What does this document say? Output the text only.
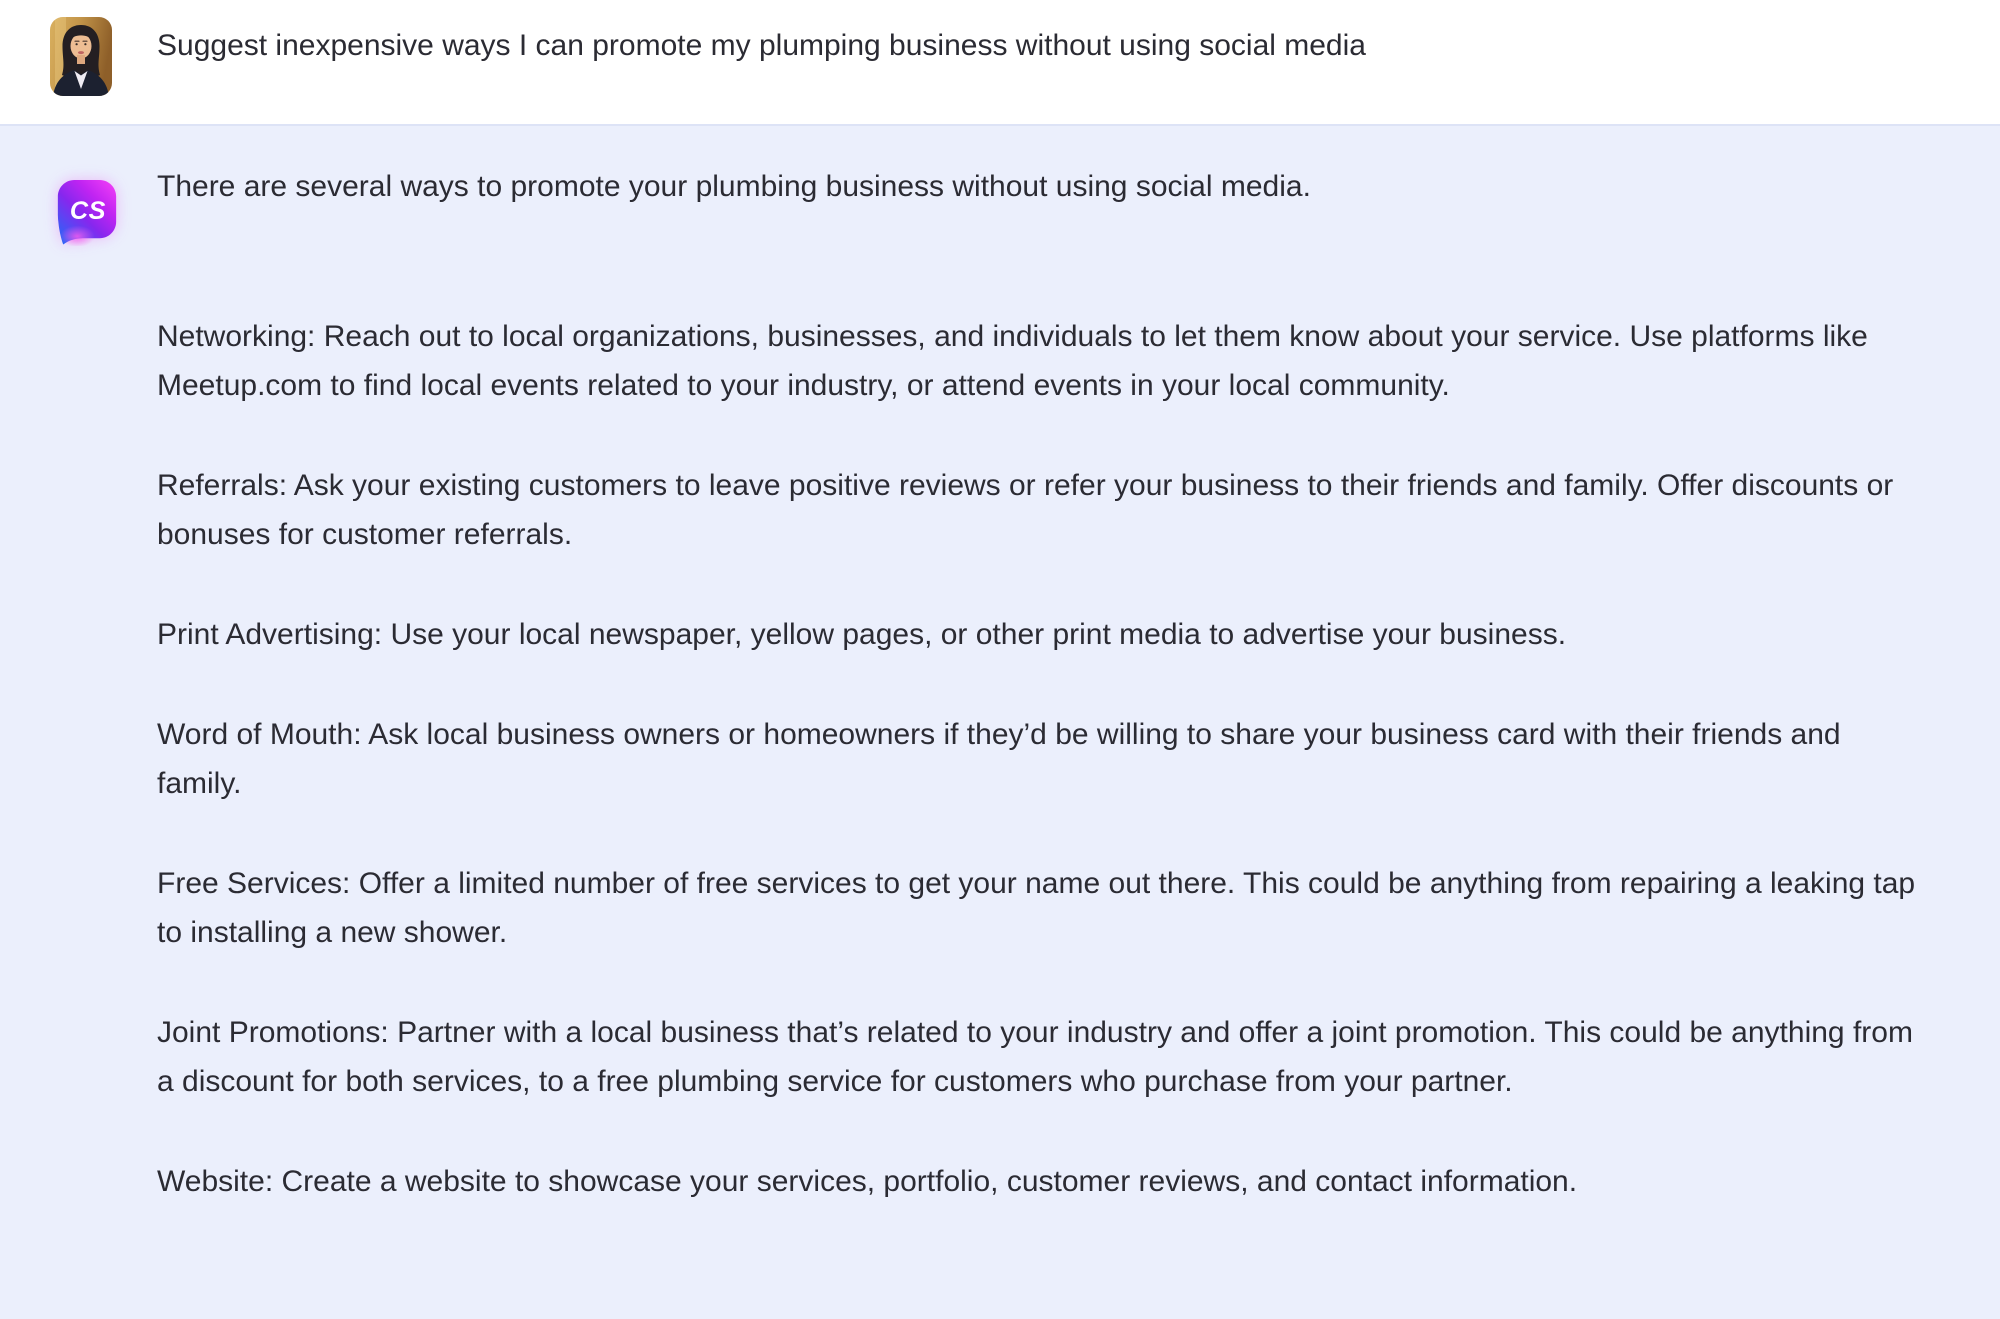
Suggest inexpensive ways I can promote my plumping business without using social media
CS

There are several ways to promote your plumbing business without using social media.

Networking: Reach out to local organizations, businesses, and individuals to let them know about your service. Use platforms like Meetup.com to find local events related to your industry, or attend events in your local community.

Referrals: Ask your existing customers to leave positive reviews or refer your business to their friends and family. Offer discounts or bonuses for customer referrals.

Print Advertising: Use your local newspaper, yellow pages, or other print media to advertise your business.

Word of Mouth: Ask local business owners or homeowners if they’d be willing to share your business card with their friends and family.

Free Services: Offer a limited number of free services to get your name out there. This could be anything from repairing a leaking tap to installing a new shower.

Joint Promotions: Partner with a local business that’s related to your industry and offer a joint promotion. This could be anything from a discount for both services, to a free plumbing service for customers who purchase from your partner.

Website: Create a website to showcase your services, portfolio, customer reviews, and contact information.
